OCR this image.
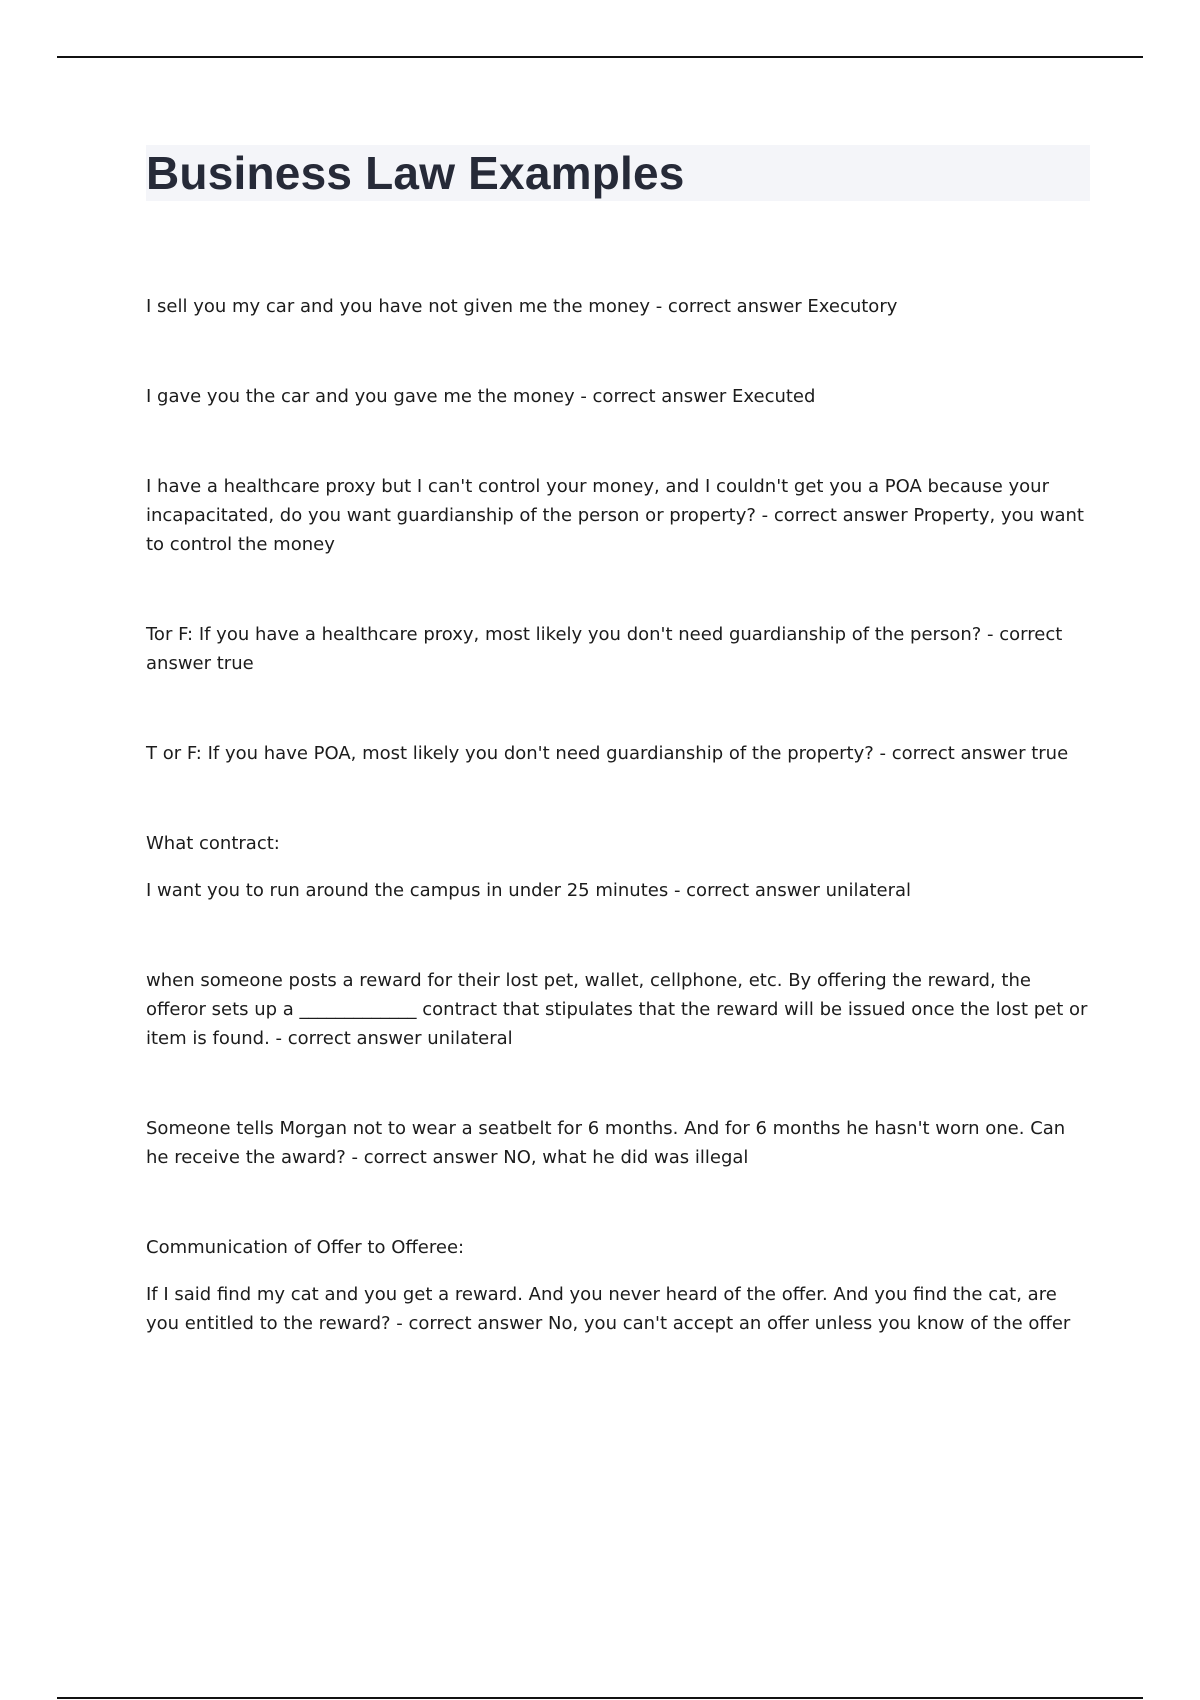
Business Law Examples

I sell you my car and you have not given me the money - correct answer Executory

I gave you the car and you gave me the money - correct answer Executed

I have a healthcare proxy but I can't control your money, and I couldn't get you a POA because your incapacitated, do you want guardianship of the person or property? - correct answer Property, you want to control the money

Tor F: If you have a healthcare proxy, most likely you don't need guardianship of the person? - correct answer true

T or F: If you have POA, most likely you don't need guardianship of the property? - correct answer true

What contract:

I want you to run around the campus in under 25 minutes - correct answer unilateral

when someone posts a reward for their lost pet, wallet, cellphone, etc. By offering the reward, the offeror sets up a _____________ contract that stipulates that the reward will be issued once the lost pet or item is found. - correct answer unilateral

Someone tells Morgan not to wear a seatbelt for 6 months. And for 6 months he hasn't worn one. Can he receive the award? - correct answer NO, what he did was illegal

Communication of Offer to Offeree:

If I said find my cat and you get a reward. And you never heard of the offer. And you find the cat, are you entitled to the reward? - correct answer No, you can't accept an offer unless you know of the offer
